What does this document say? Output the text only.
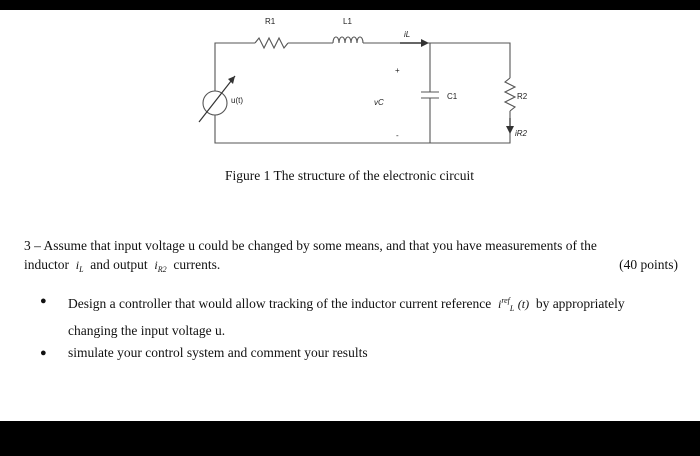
R1	L1
iL
u(t)	vC
C1	R2
iR2
+
-
Figure 1 The structure of the electronic circuit
3 – Assume that input voltage u could be changed by some means, and that you have measurements of the
inductor $i_L$ and output $i_{R2}$ currents.	(40 points)
●	Design a controller that would allow tracking of the inductor current reference $i^{ref}_L$ (t) by appropriately
changing the input voltage u.
●	simulate your control system and comment your results
